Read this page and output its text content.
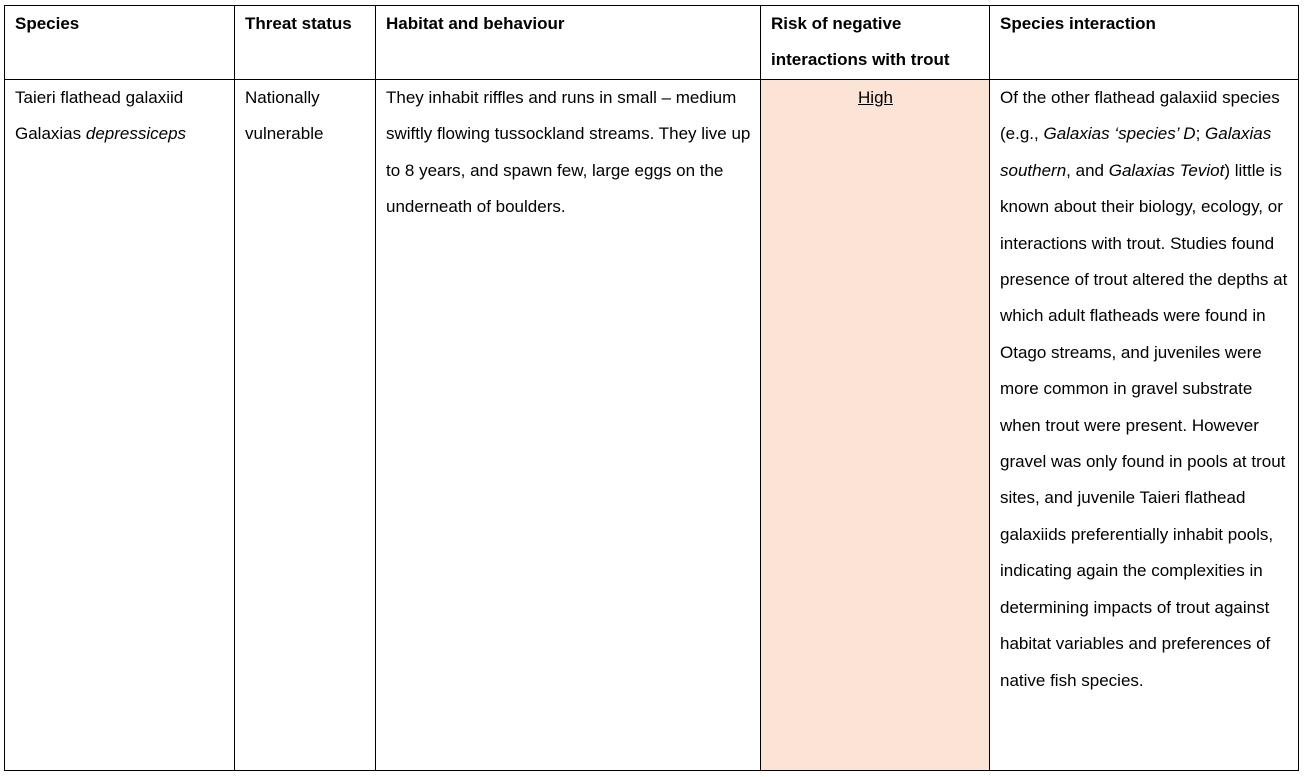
Species	Threat status	Habitat and behaviour	Risk of negative interactions with trout	Species interaction

Taieri flathead galaxiid
Galaxias depressiceps	Nationally vulnerable	They inhabit riffles and runs in small – medium swiftly flowing tussockland streams. They live up to 8 years, and spawn few, large eggs on the underneath of boulders.	High	Of the other flathead galaxiid species (e.g., Galaxias ‘species’ D; Galaxias southern, and Galaxias Teviot) little is known about their biology, ecology, or interactions with trout. Studies found presence of trout altered the depths at which adult flatheads were found in Otago streams, and juveniles were more common in gravel substrate when trout were present. However gravel was only found in pools at trout sites, and juvenile Taieri flathead galaxiids preferentially inhabit pools, indicating again the complexities in determining impacts of trout against habitat variables and preferences of native fish species.
